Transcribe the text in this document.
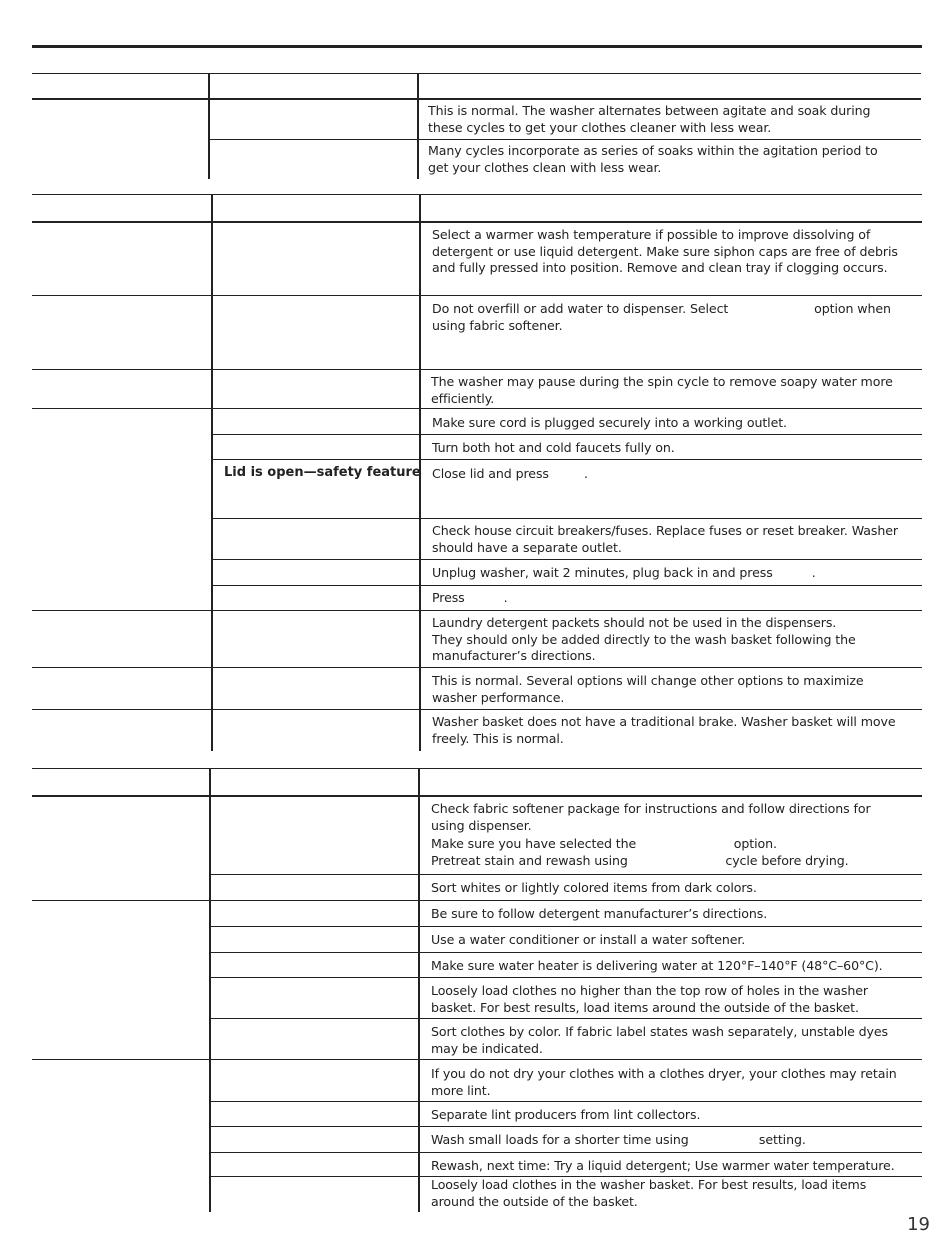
This is normal. The washer alternates between agitate and soak during
these cycles to get your clothes cleaner with less wear.
Many cycles incorporate as series of soaks within the agitation period to
get your clothes clean with less wear.
Select a warmer wash temperature if possible to improve dissolving of
detergent or use liquid detergent. Make sure siphon caps are free of debris
and fully pressed into position. Remove and clean tray if clogging occurs.
Do not overfill or add water to dispenser. Select                      option when
using fabric softener.
The washer may pause during the spin cycle to remove soapy water more
efficiently.
Make sure cord is plugged securely into a working outlet.
Turn both hot and cold faucets fully on.
Lid is open—safety feature Close lid and press         .
Check house circuit breakers/fuses. Replace fuses or reset breaker. Washer
should have a separate outlet.
Unplug washer, wait 2 minutes, plug back in and press          .
Press          .
Laundry detergent packets should not be used in the dispensers.
They should only be added directly to the wash basket following the
manufacturer’s directions.
This is normal. Several options will change other options to maximize
washer performance.
Washer basket does not have a traditional brake. Washer basket will move
freely. This is normal.
Check fabric softener package for instructions and follow directions for
using dispenser.
Make sure you have selected the                         option.
Pretreat stain and rewash using                         cycle before drying.
Sort whites or lightly colored items from dark colors.
Be sure to follow detergent manufacturer’s directions.
Use a water conditioner or install a water softener.
Make sure water heater is delivering water at 120°F–140°F (48°C–60°C).
Loosely load clothes no higher than the top row of holes in the washer
basket. For best results, load items around the outside of the basket.
Sort clothes by color. If fabric label states wash separately, unstable dyes
may be indicated.
If you do not dry your clothes with a clothes dryer, your clothes may retain
more lint.
Separate lint producers from lint collectors.
Wash small loads for a shorter time using                  setting.
Rewash, next time: Try a liquid detergent; Use warmer water temperature.
Loosely load clothes in the washer basket. For best results, load items
around the outside of the basket.
19
